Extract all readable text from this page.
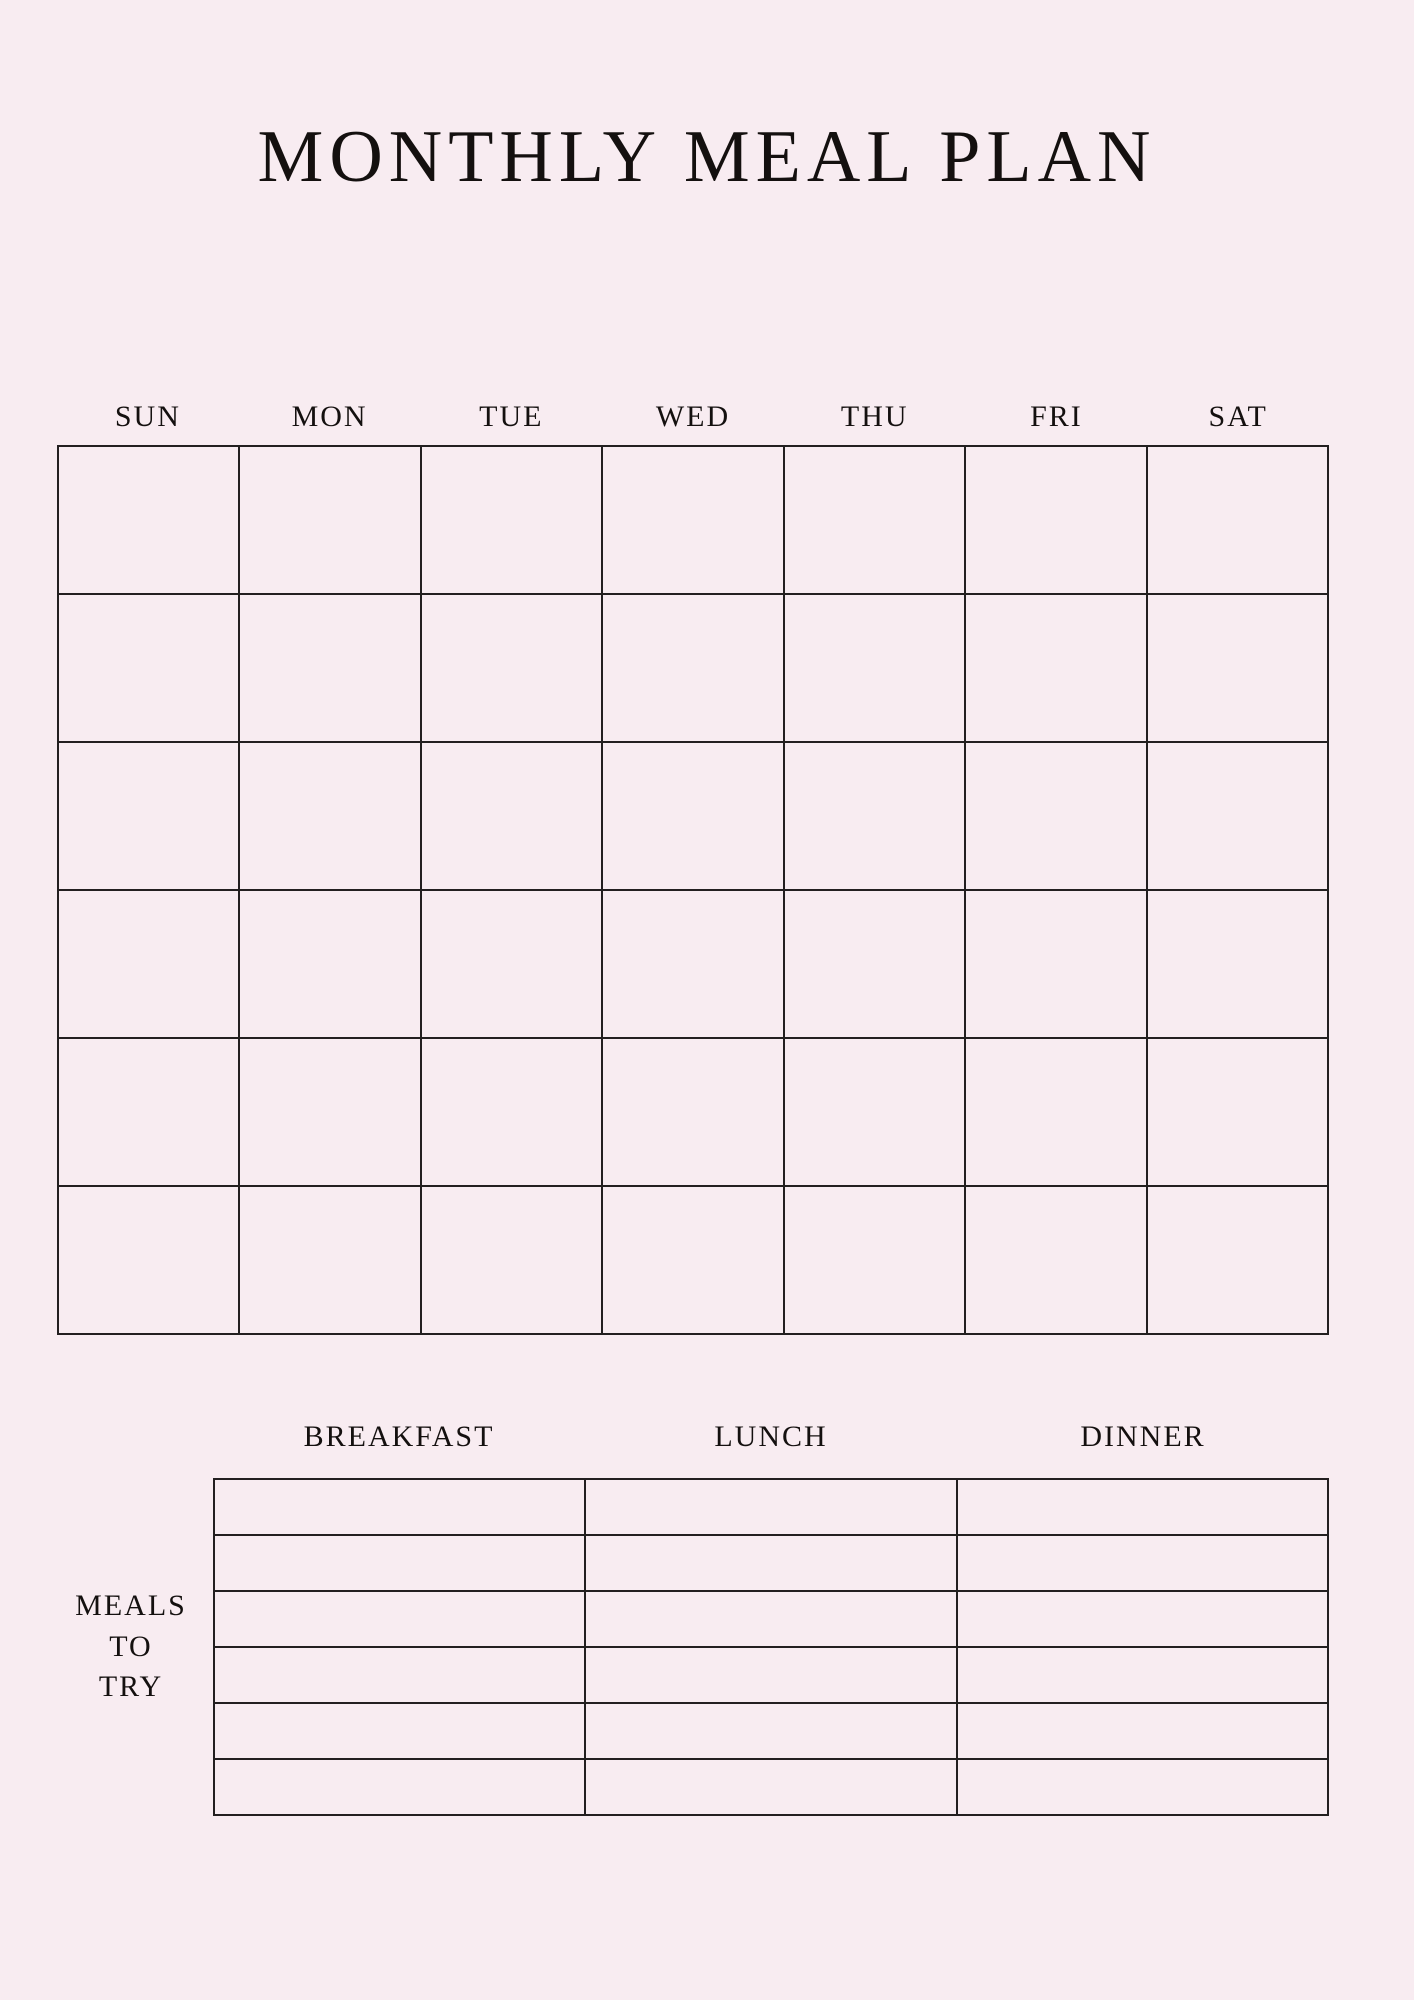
MONTHLY MEAL PLAN
SUN	MON	TUE	WED	THU	FRI	SAT
BREAKFAST	LUNCH	DINNER
MEALS
TO
TRY
